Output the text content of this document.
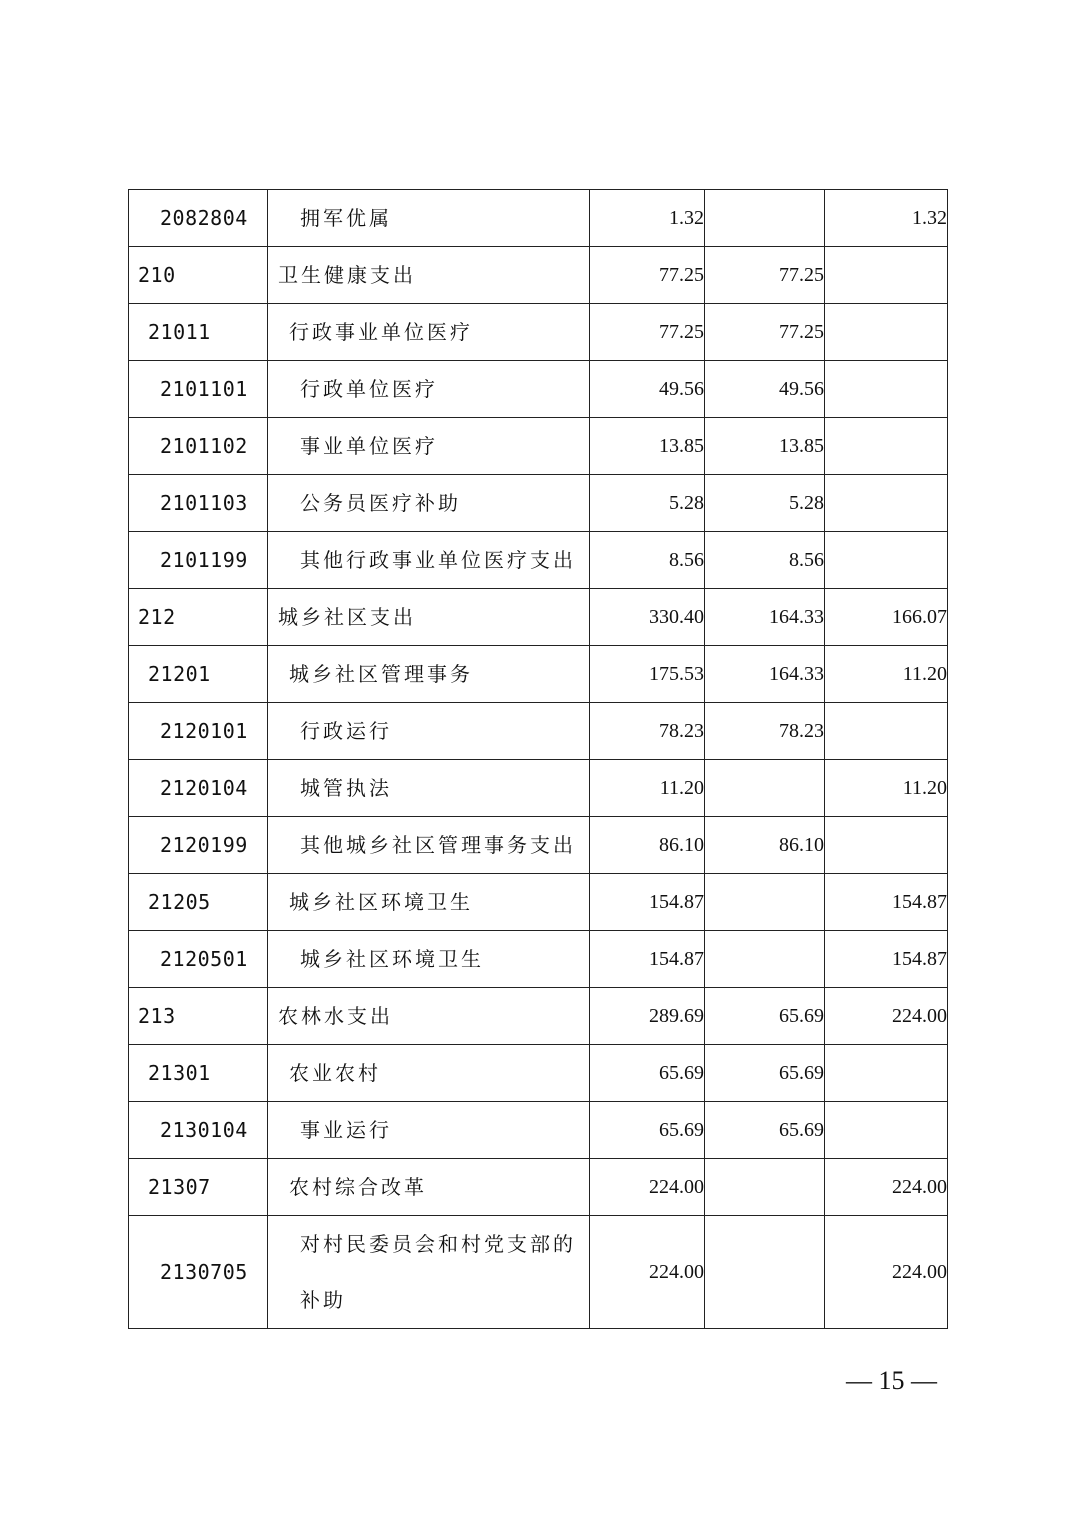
2082804	拥军优属	1.32		1.32
210	卫生健康支出	77.25	77.25	
21011	行政事业单位医疗	77.25	77.25	
2101101	行政单位医疗	49.56	49.56	
2101102	事业单位医疗	13.85	13.85	
2101103	公务员医疗补助	5.28	5.28	
2101199	其他行政事业单位医疗支出	8.56	8.56	
212	城乡社区支出	330.40	164.33	166.07
21201	城乡社区管理事务	175.53	164.33	11.20
2120101	行政运行	78.23	78.23	
2120104	城管执法	11.20		11.20
2120199	其他城乡社区管理事务支出	86.10	86.10	
21205	城乡社区环境卫生	154.87		154.87
2120501	城乡社区环境卫生	154.87		154.87
213	农林水支出	289.69	65.69	224.00
21301	农业农村	65.69	65.69	
2130104	事业运行	65.69	65.69	
21307	农村综合改革	224.00		224.00
2130705	对村民委员会和村党支部的补助	224.00		224.00
— 15 —
